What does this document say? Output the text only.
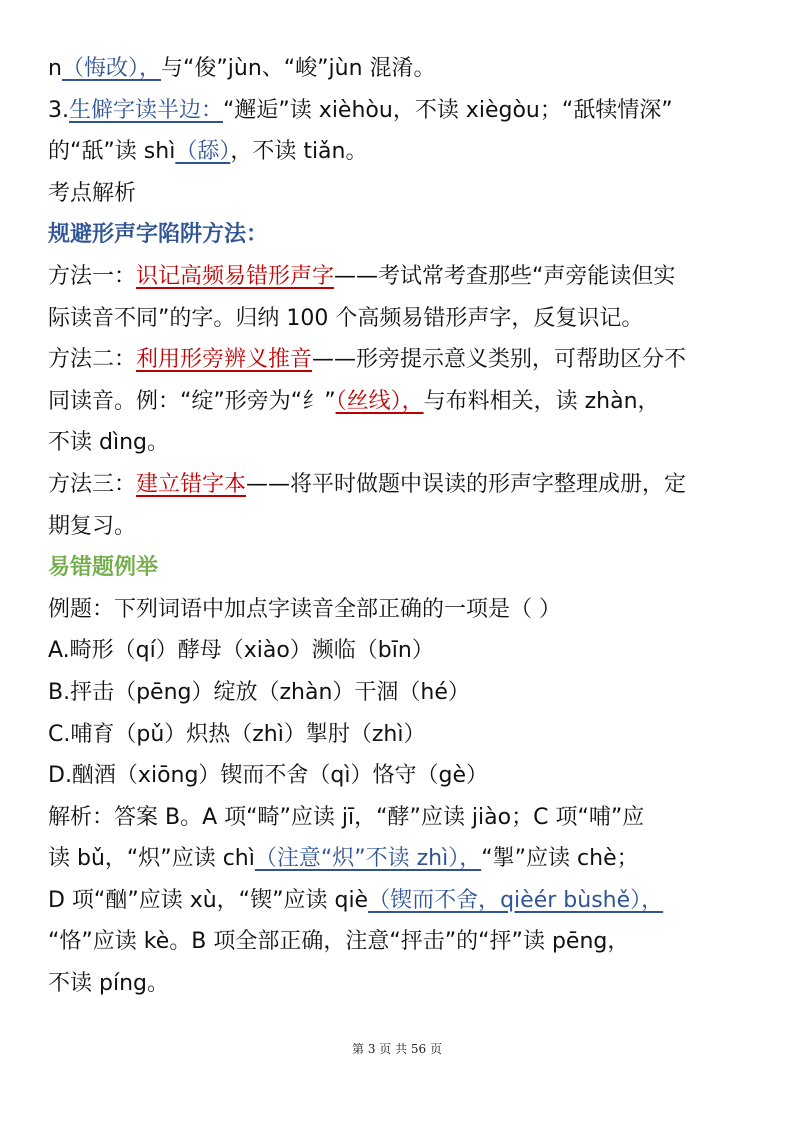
n（悔改），与“俊”jùn、“峻”jùn 混淆。
3.生僻字读半边：“邂逅”读 xièhòu，不读 xiègòu；“舐犊情深”
的“舐”读 shì（舔），不读 tiǎn。
考点解析
规避形声字陷阱方法：
方法一：识记高频易错形声字——考试常考查那些“声旁能读但实
际读音不同”的字。归纳 100 个高频易错形声字，反复识记。
方法二：利用形旁辨义推音——形旁提示意义类别，可帮助区分不
同读音。例：“绽”形旁为“纟”（丝线），与布料相关，读 zhàn，
不读 dìng。
方法三：建立错字本——将平时做题中误读的形声字整理成册，定
期复习。
易错题例举
例题：下列词语中加点字读音全部正确的一项是（ ）
A.畸形（qí）酵母（xiào）濒临（bīn）
B.抨击（pēng）绽放（zhàn）干涸（hé）
C.哺育（pǔ）炽热（zhì）掣肘（zhì）
D.酗酒（xiōng）锲而不舍（qì）恪守（gè）
解析：答案 B。A 项“畸”应读 jī，“酵”应读 jiào；C 项“哺”应
读 bǔ，“炽”应读 chì（注意“炽”不读 zhì），“掣”应读 chè；
D 项“酗”应读 xù，“锲”应读 qiè（锲而不舍，qièér bùshě），
“恪”应读 kè。B 项全部正确，注意“抨击”的“抨”读 pēng，
不读 píng。
第 3 页 共 56 页
